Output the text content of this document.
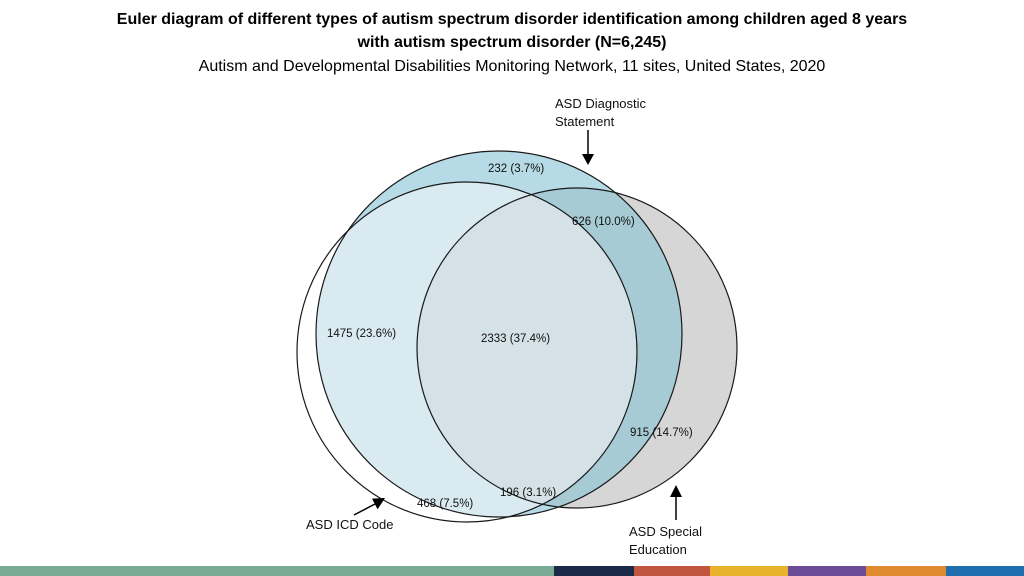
Euler diagram of different types of autism spectrum disorder identification among children aged 8 years
with autism spectrum disorder (N=6,245)
Autism and Developmental Disabilities Monitoring Network, 11 sites, United States, 2020
232 (3.7%)
626 (10.0%)
1475 (23.6%)	2333 (37.4%)
915 (14.7%)
196 (3.1%)
468 (7.5%)
ASD Diagnostic Statement
ASD ICD Code	ASD Special Education
